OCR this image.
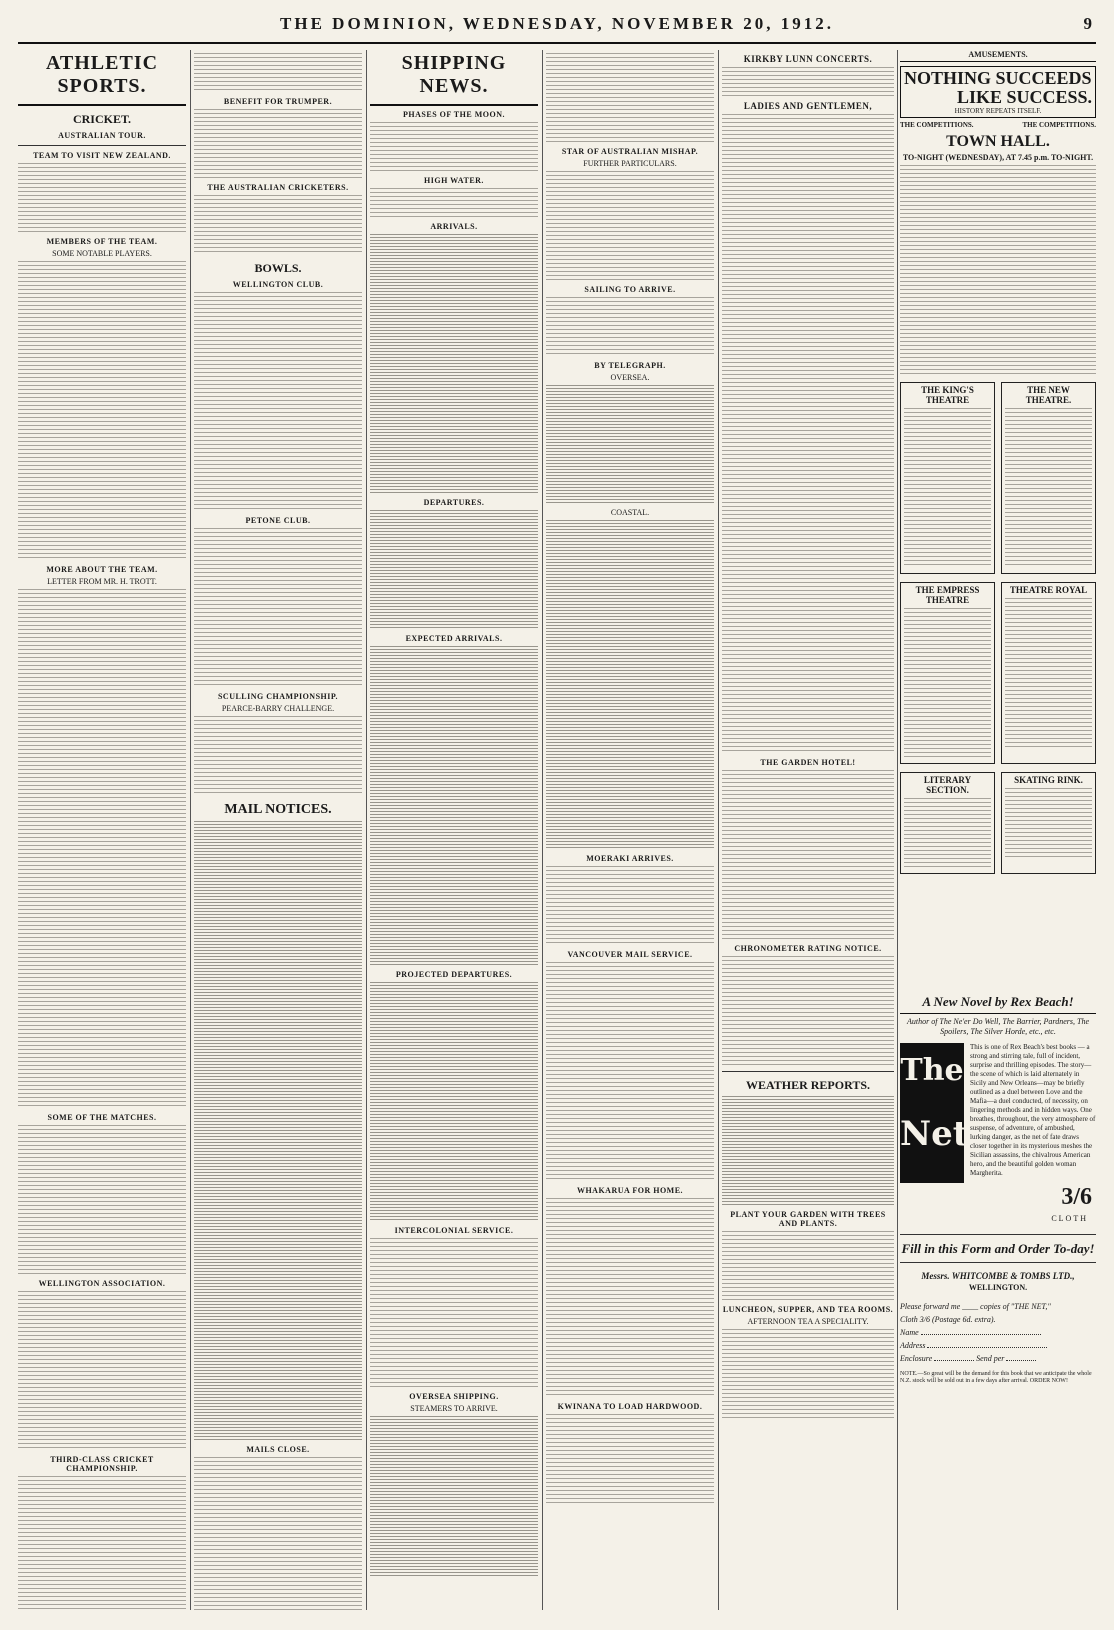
THE DOMINION, WEDNESDAY, NOVEMBER 20, 1912.	9
ATHLETIC SPORTS.
CRICKET.
AUSTRALIAN TOUR.
TEAM TO VISIT NEW ZEALAND.
MEMBERS OF THE TEAM.
SOME NOTABLE PLAYERS.
MORE ABOUT THE TEAM.
LETTER FROM MR. H. TROTT.
SOME OF THE MATCHES.
WELLINGTON ASSOCIATION.
THIRD-CLASS CRICKET CHAMPIONSHIP.
BENEFIT FOR TRUMPER.
THE AUSTRALIAN CRICKETERS.
BOWLS.
WELLINGTON CLUB.
PETONE CLUB.
SCULLING CHAMPIONSHIP.
PEARCE-BARRY CHALLENGE.
MAIL NOTICES.
MAILS CLOSE.
SHIPPING NEWS.
PHASES OF THE MOON.
HIGH WATER.
ARRIVALS.
DEPARTURES.
EXPECTED ARRIVALS.
PROJECTED DEPARTURES.
INTERCOLONIAL SERVICE.
OVERSEA SHIPPING.
STEAMERS TO ARRIVE.
STAR OF AUSTRALIAN MISHAP.
FURTHER PARTICULARS.
SAILING TO ARRIVE.
BY TELEGRAPH.
OVERSEA.
COASTAL.
MOERAKI ARRIVES.
VANCOUVER MAIL SERVICE.
WHAKARUA FOR HOME.
KWINANA TO LOAD HARDWOOD.
KIRKBY LUNN CONCERTS.
LADIES AND GENTLEMEN,
THE GARDEN HOTEL!
CHRONOMETER RATING NOTICE.
WEATHER REPORTS.
PLANT YOUR GARDEN WITH TREES AND PLANTS.
LUNCHEON, SUPPER, AND TEA ROOMS.
AFTERNOON TEA A SPECIALITY.
AMUSEMENTS.
NOTHING SUCCEEDS
LIKE SUCCESS.
HISTORY REPEATS ITSELF.
THE COMPETITIONS.	THE COMPETITIONS.
TOWN HALL.
TO-NIGHT (WEDNESDAY), AT 7.45 p.m. TO-NIGHT.
THE KING'S THEATRE
THE NEW THEATRE.
THE EMPRESS THEATRE
THEATRE ROYAL
LITERARY SECTION.
SKATING RINK.
A New Novel by Rex Beach!
Author of The Ne'er Do Well, The Barrier, Pardners, The Spoilers, The Silver Horde, etc., etc.
The
Net
This is one of Rex Beach's best books — a strong and stirring tale, full of incident, surprise and thrilling episodes. The story—the scene of which is laid alternately in Sicily and New Orleans—may be briefly outlined as a duel between Love and the Mafia—a duel conducted, of necessity, on lingering methods and in hidden ways. One breathes, throughout, the very atmosphere of suspense, of adventure, of ambushed, lurking danger, as the net of fate draws closer together in its mysterious meshes the Sicilian assassins, the chivalrous American hero, and the beautiful golden woman Margherita.
3/6
CLOTH
Fill in this Form and Order To-day!
Messrs. WHITCOMBE & TOMBS LTD.,
WELLINGTON.
Please forward me ____ copies of "THE NET,"
Cloth 3/6 (Postage 6d. extra).
Name
Address
Enclosure	Send per
NOTE.—So great will be the demand for this book that we anticipate the whole N.Z. stock will be sold out in a few days after arrival. ORDER NOW!
